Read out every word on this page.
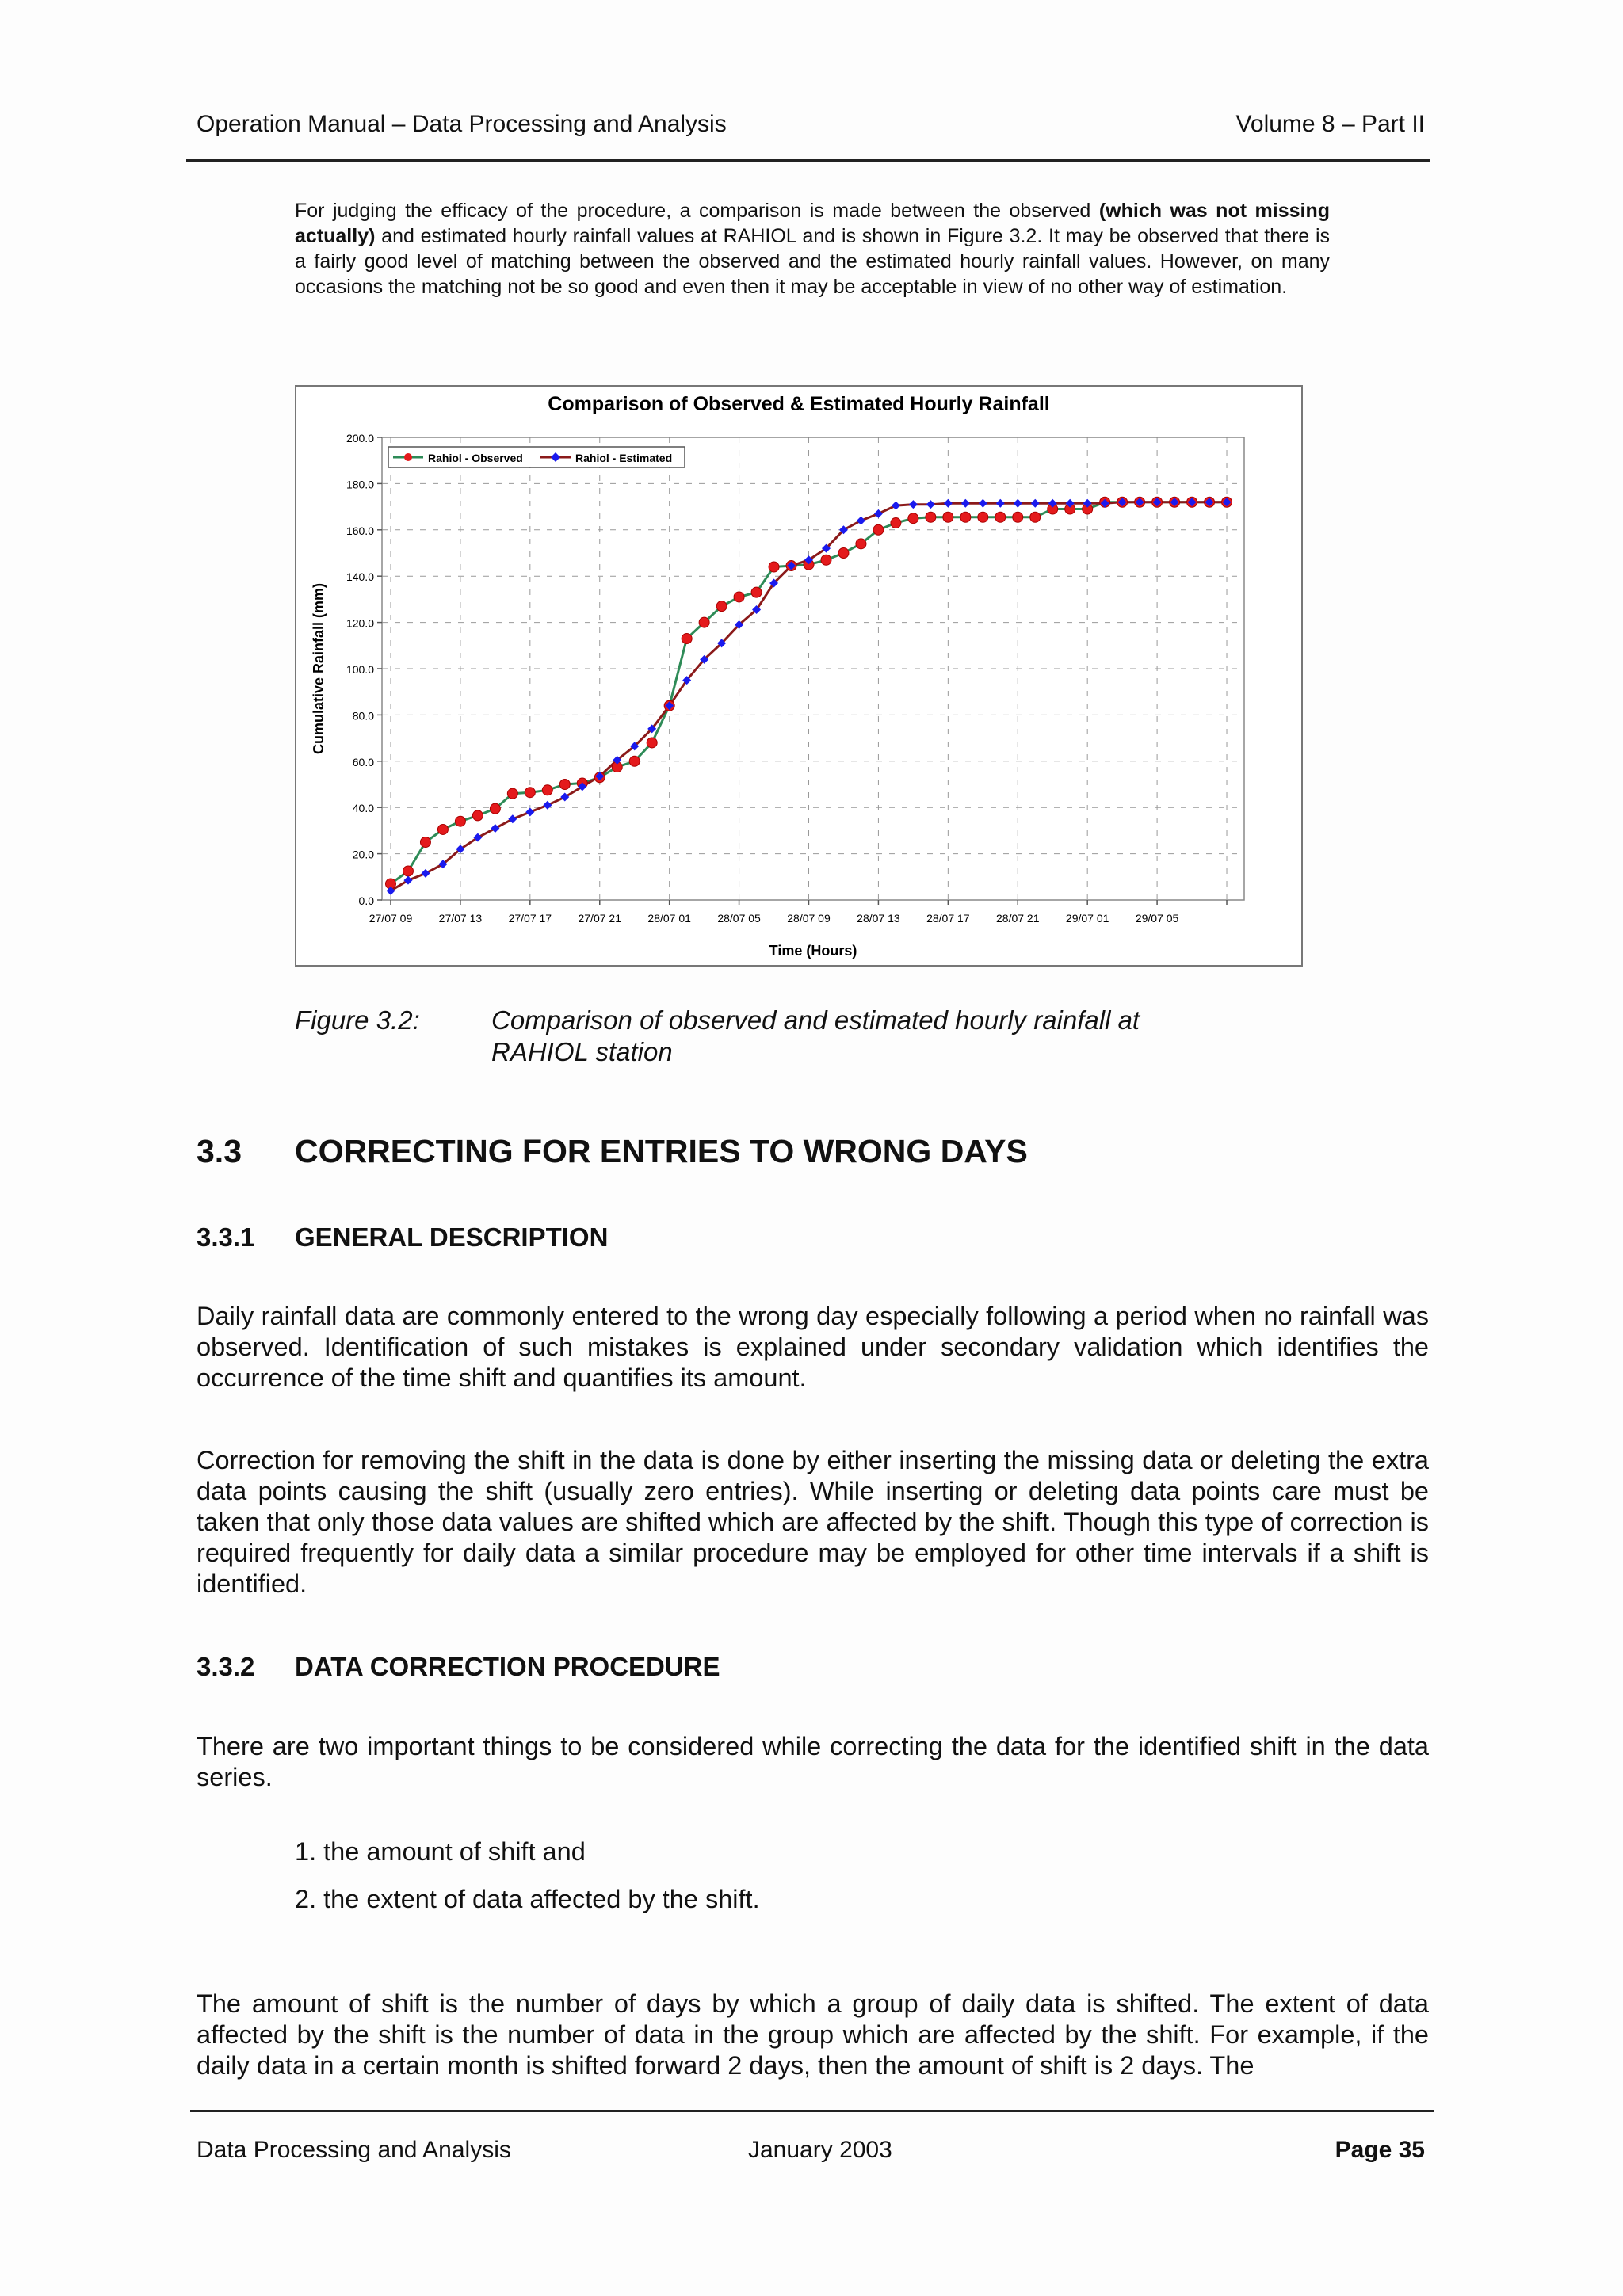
Operation Manual – Data Processing and Analysis	Volume 8 – Part II
For judging the efficacy of the procedure, a comparison is made between the observed (which was not missing actually) and estimated hourly rainfall values at RAHIOL and is shown in Figure 3.2. It may be observed that there is a fairly good level of matching between the observed and the estimated hourly rainfall values. However, on many occasions the matching not be so good and even then it may be acceptable in view of no other way of estimation.
Comparison of Observed & Estimated Hourly Rainfall
0.0
20.0
40.0
60.0
80.0
100.0
120.0
140.0
160.0
180.0
200.0
27/07 09 27/07 13 27/07 17 27/07 21 28/07 01 28/07 05 28/07 09 28/07 13 28/07 17 28/07 21 29/07 01 29/07 05
Rahiol - Observed	Rahiol - Estimated
Cumulative Rainfall (mm)
Time (Hours)
Figure 3.2:	Comparison of observed and estimated hourly rainfall at
RAHIOL station
3.3 CORRECTING FOR ENTRIES TO WRONG DAYS
3.3.1 GENERAL DESCRIPTION
Daily rainfall data are commonly entered to the wrong day especially following a period when no rainfall was observed. Identification of such mistakes is explained under secondary validation which identifies the occurrence of the time shift and quantifies its amount.
Correction for removing the shift in the data is done by either inserting the missing data or deleting the extra data points causing the shift (usually zero entries). While inserting or deleting data points care must be taken that only those data values are shifted which are affected by the shift. Though this type of correction is required frequently for daily data a similar procedure may be employed for other time intervals if a shift is identified.
3.3.2 DATA CORRECTION PROCEDURE
There are two important things to be considered while correcting the data for the identified shift in the data series.
1. the amount of shift and
2. the extent of data affected by the shift.
The amount of shift is the number of days by which a group of daily data is shifted. The extent of data affected by the shift is the number of data in the group which are affected by the shift. For example, if the daily data in a certain month is shifted forward 2 days, then the amount of shift is 2 days. The
Data Processing and Analysis	January 2003	Page 35
